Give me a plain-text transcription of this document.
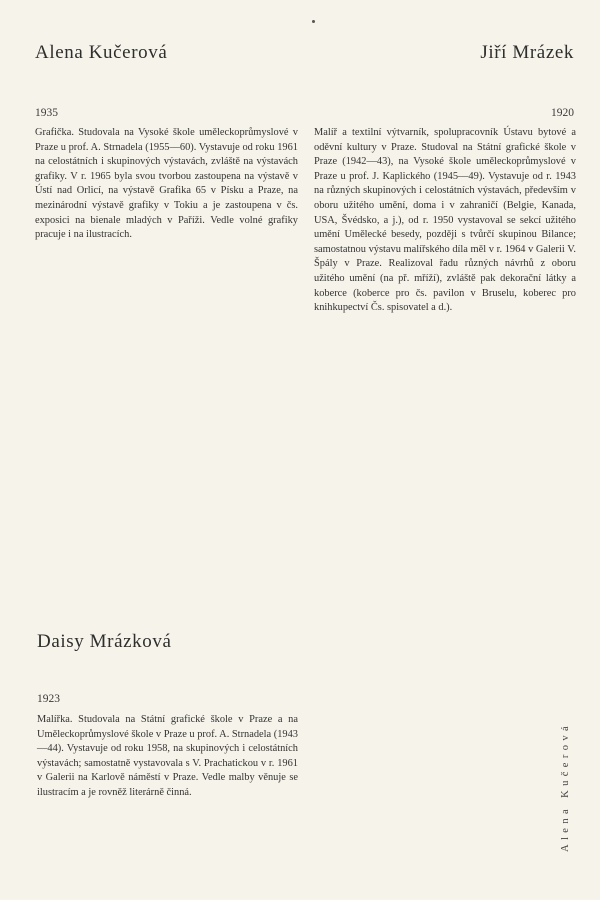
Alena Kučerová
1935
Grafička. Studovala na Vysoké škole uměleckoprůmyslové v Praze u prof. A. Strnadela (1955—60). Vystavuje od roku 1961 na celostátních i skupinových výstavách, zvláště na výstavách grafiky. V r. 1965 byla svou tvorbou zastoupena na výstavě v Ústí nad Orlicí, na výstavě Grafika 65 v Písku a Praze, na mezinárodní výstavě grafiky v Tokiu a je zastoupena v čs. exposici na bienale mladých v Paříži. Vedle volné grafiky pracuje i na ilustracích.
Jiří Mrázek
1920
Malíř a textilní výtvarník, spolupracovník Ústavu bytové a oděvní kultury v Praze. Studoval na Státní grafické škole v Praze (1942—43), na Vysoké škole uměleckoprůmyslové v Praze u prof. J. Kaplického (1945—49). Vystavuje od r. 1943 na různých skupinových i celostátních výstavách, především v oboru užitého umění, doma i v zahraničí (Belgie, Kanada, USA, Švédsko, a j.), od r. 1950 vystavoval se sekcí užitého umění Umělecké besedy, později s tvůrčí skupinou Bilance; samostatnou výstavu malířského díla měl v r. 1964 v Galerii V. Špály v Praze. Realizoval řadu různých návrhů z oboru užitého umění (na př. mříží), zvláště pak dekorační látky a koberce (koberce pro čs. pavilon v Bruselu, koberec pro knihkupectví Čs. spisovatel a d.).
Daisy Mrázková
1923
Malířka. Studovala na Státní grafické škole v Praze a na Uměleckoprůmyslové škole v Praze u prof. A. Strnadela (1943—44). Vystavuje od roku 1958, na skupinových i celostátních výstavách; samostatně vystavovala s V. Prachatickou v r. 1961 v Galerii na Karlově náměstí v Praze. Vedle malby věnuje se ilustracím a je rovněž literárně činná.	Alena Kučerová
